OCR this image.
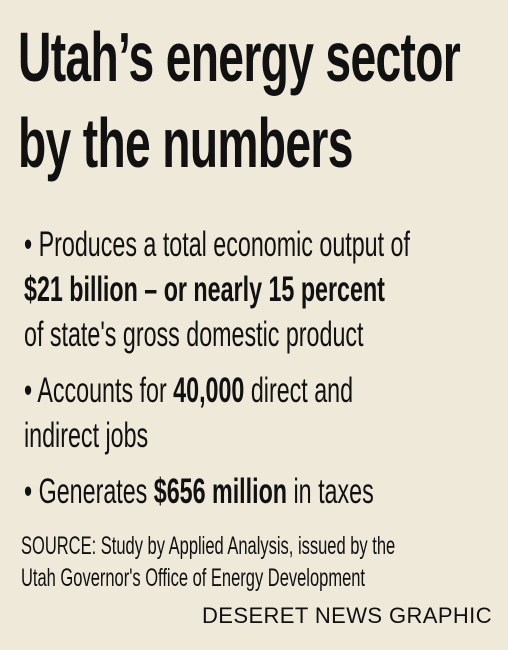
Utah’s energy sector
by the numbers

• Produces a total economic output of
$21 billion – or nearly 15 percent
of state's gross domestic product

• Accounts for 40,000 direct and
indirect jobs

• Generates $656 million in taxes

SOURCE: Study by Applied Analysis, issued by the
Utah Governor's Office of Energy Development
DESERET NEWS GRAPHIC
